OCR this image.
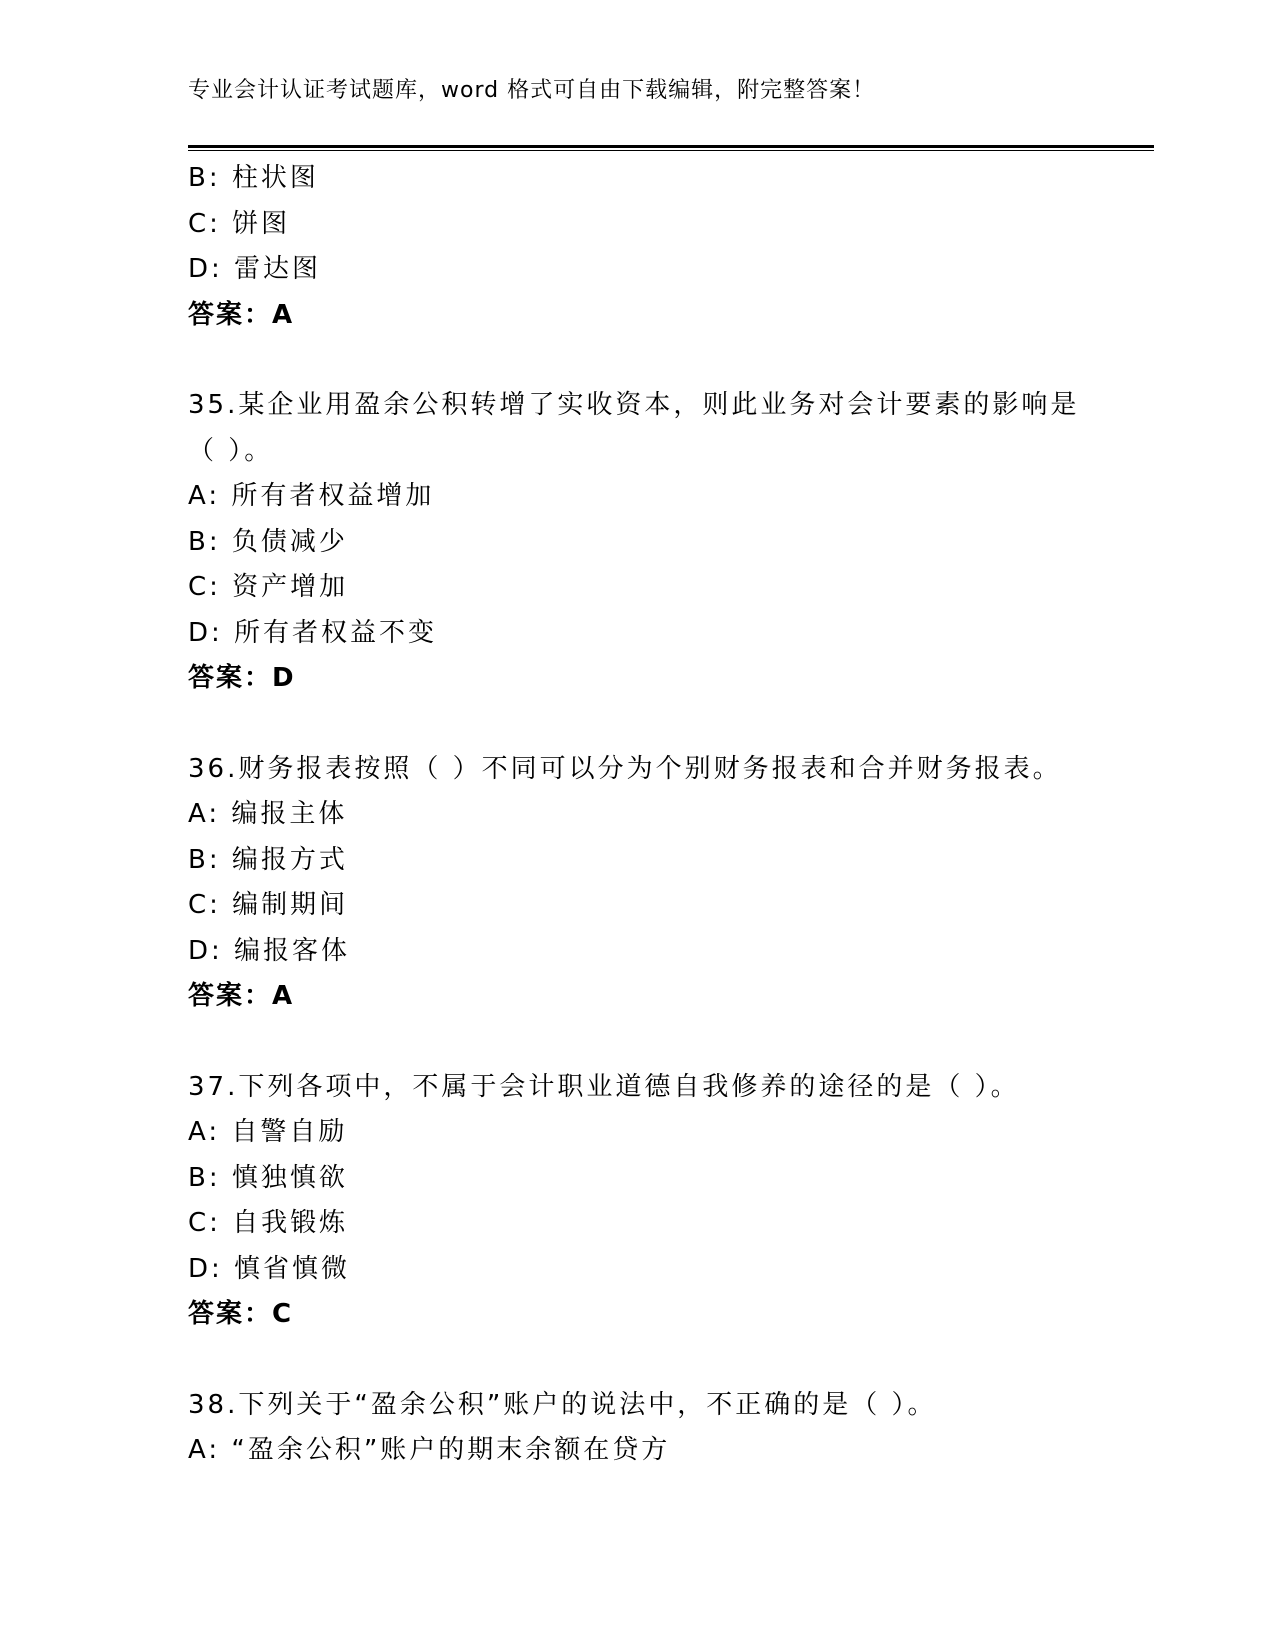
专业会计认证考试题库，word 格式可自由下载编辑，附完整答案！
B: 柱状图
C: 饼图
D: 雷达图
答案：A
35.某企业用盈余公积转增了实收资本，则此业务对会计要素的影响是
（ ）。
A: 所有者权益增加
B: 负债减少
C: 资产增加
D: 所有者权益不变
答案：D
36.财务报表按照（ ）不同可以分为个别财务报表和合并财务报表。
A: 编报主体
B: 编报方式
C: 编制期间
D: 编报客体
答案：A
37.下列各项中，不属于会计职业道德自我修养的途径的是（ ）。
A: 自警自励
B: 慎独慎欲
C: 自我锻炼
D: 慎省慎微
答案：C
38.下列关于“盈余公积”账户的说法中，不正确的是（ ）。
A: “盈余公积”账户的期末余额在贷方
